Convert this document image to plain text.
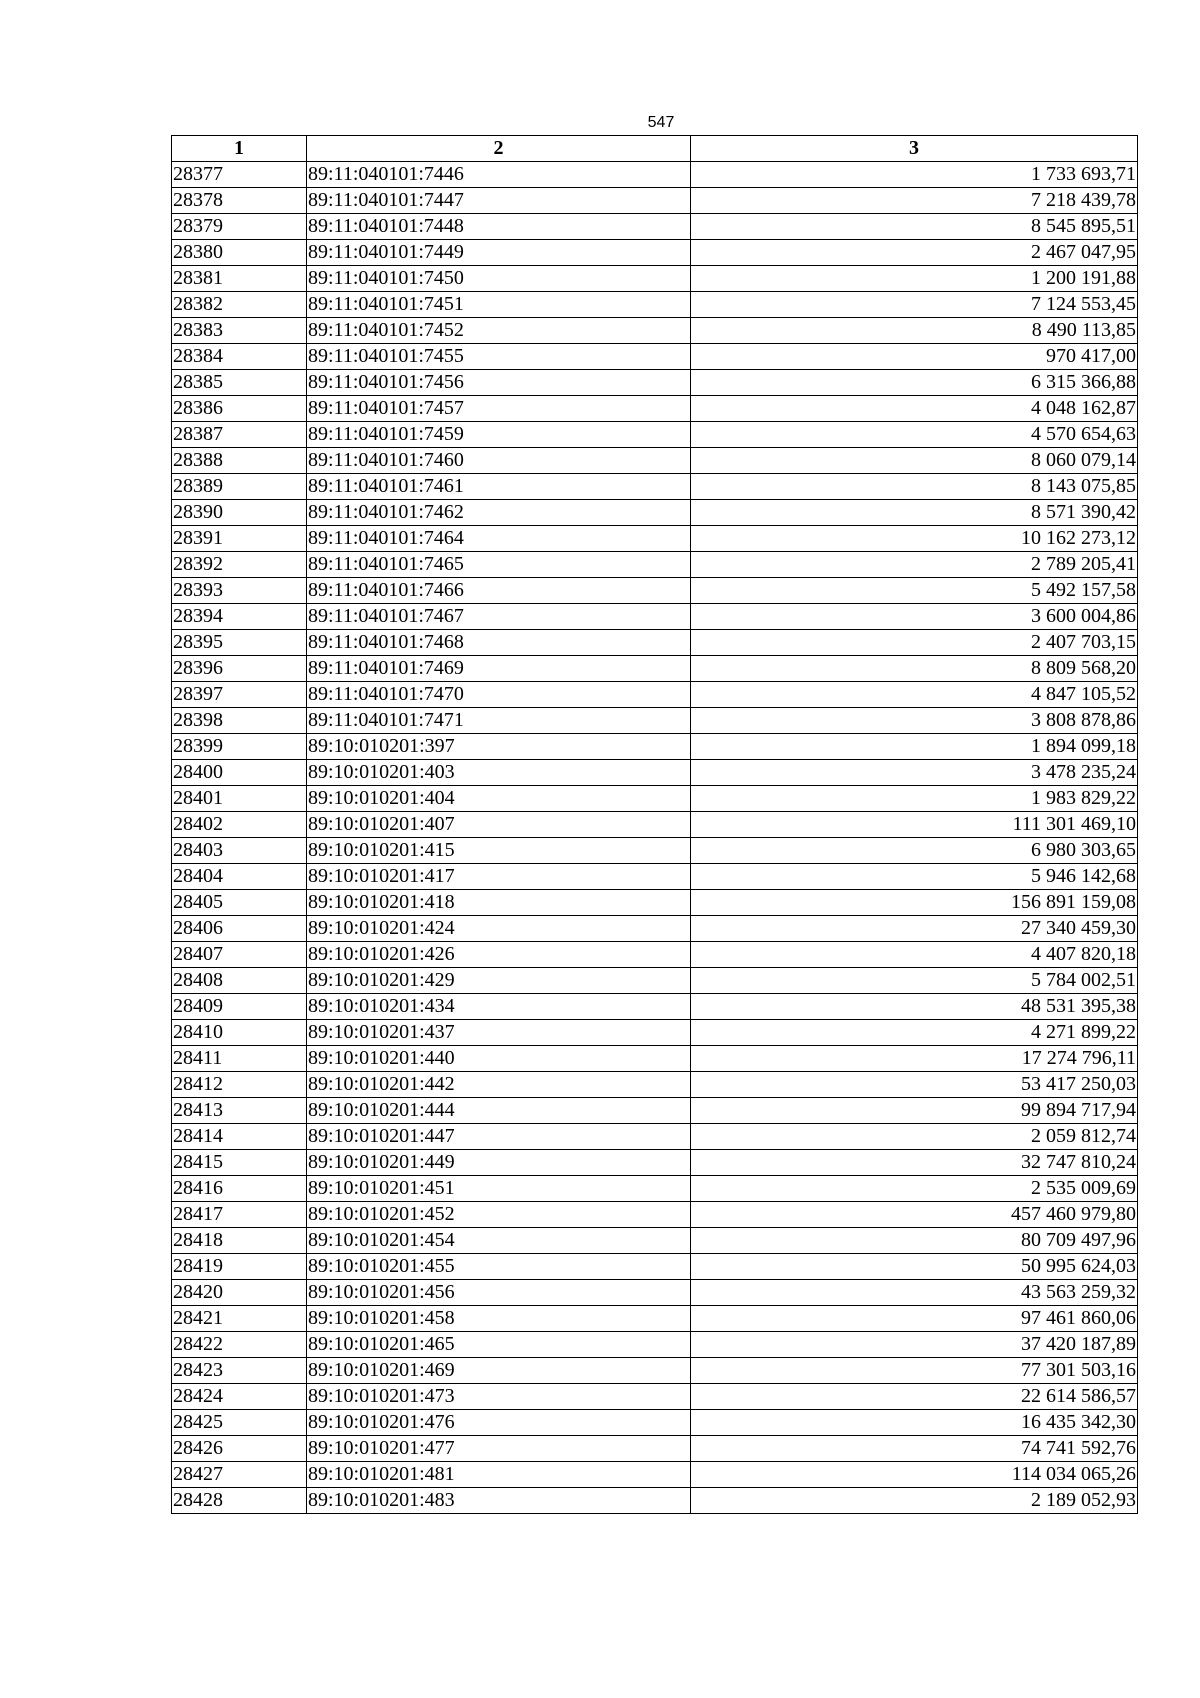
547
1	2	3
28377	89:11:040101:7446	1 733 693,71
28378	89:11:040101:7447	7 218 439,78
28379	89:11:040101:7448	8 545 895,51
28380	89:11:040101:7449	2 467 047,95
28381	89:11:040101:7450	1 200 191,88
28382	89:11:040101:7451	7 124 553,45
28383	89:11:040101:7452	8 490 113,85
28384	89:11:040101:7455	970 417,00
28385	89:11:040101:7456	6 315 366,88
28386	89:11:040101:7457	4 048 162,87
28387	89:11:040101:7459	4 570 654,63
28388	89:11:040101:7460	8 060 079,14
28389	89:11:040101:7461	8 143 075,85
28390	89:11:040101:7462	8 571 390,42
28391	89:11:040101:7464	10 162 273,12
28392	89:11:040101:7465	2 789 205,41
28393	89:11:040101:7466	5 492 157,58
28394	89:11:040101:7467	3 600 004,86
28395	89:11:040101:7468	2 407 703,15
28396	89:11:040101:7469	8 809 568,20
28397	89:11:040101:7470	4 847 105,52
28398	89:11:040101:7471	3 808 878,86
28399	89:10:010201:397	1 894 099,18
28400	89:10:010201:403	3 478 235,24
28401	89:10:010201:404	1 983 829,22
28402	89:10:010201:407	111 301 469,10
28403	89:10:010201:415	6 980 303,65
28404	89:10:010201:417	5 946 142,68
28405	89:10:010201:418	156 891 159,08
28406	89:10:010201:424	27 340 459,30
28407	89:10:010201:426	4 407 820,18
28408	89:10:010201:429	5 784 002,51
28409	89:10:010201:434	48 531 395,38
28410	89:10:010201:437	4 271 899,22
28411	89:10:010201:440	17 274 796,11
28412	89:10:010201:442	53 417 250,03
28413	89:10:010201:444	99 894 717,94
28414	89:10:010201:447	2 059 812,74
28415	89:10:010201:449	32 747 810,24
28416	89:10:010201:451	2 535 009,69
28417	89:10:010201:452	457 460 979,80
28418	89:10:010201:454	80 709 497,96
28419	89:10:010201:455	50 995 624,03
28420	89:10:010201:456	43 563 259,32
28421	89:10:010201:458	97 461 860,06
28422	89:10:010201:465	37 420 187,89
28423	89:10:010201:469	77 301 503,16
28424	89:10:010201:473	22 614 586,57
28425	89:10:010201:476	16 435 342,30
28426	89:10:010201:477	74 741 592,76
28427	89:10:010201:481	114 034 065,26
28428	89:10:010201:483	2 189 052,93
